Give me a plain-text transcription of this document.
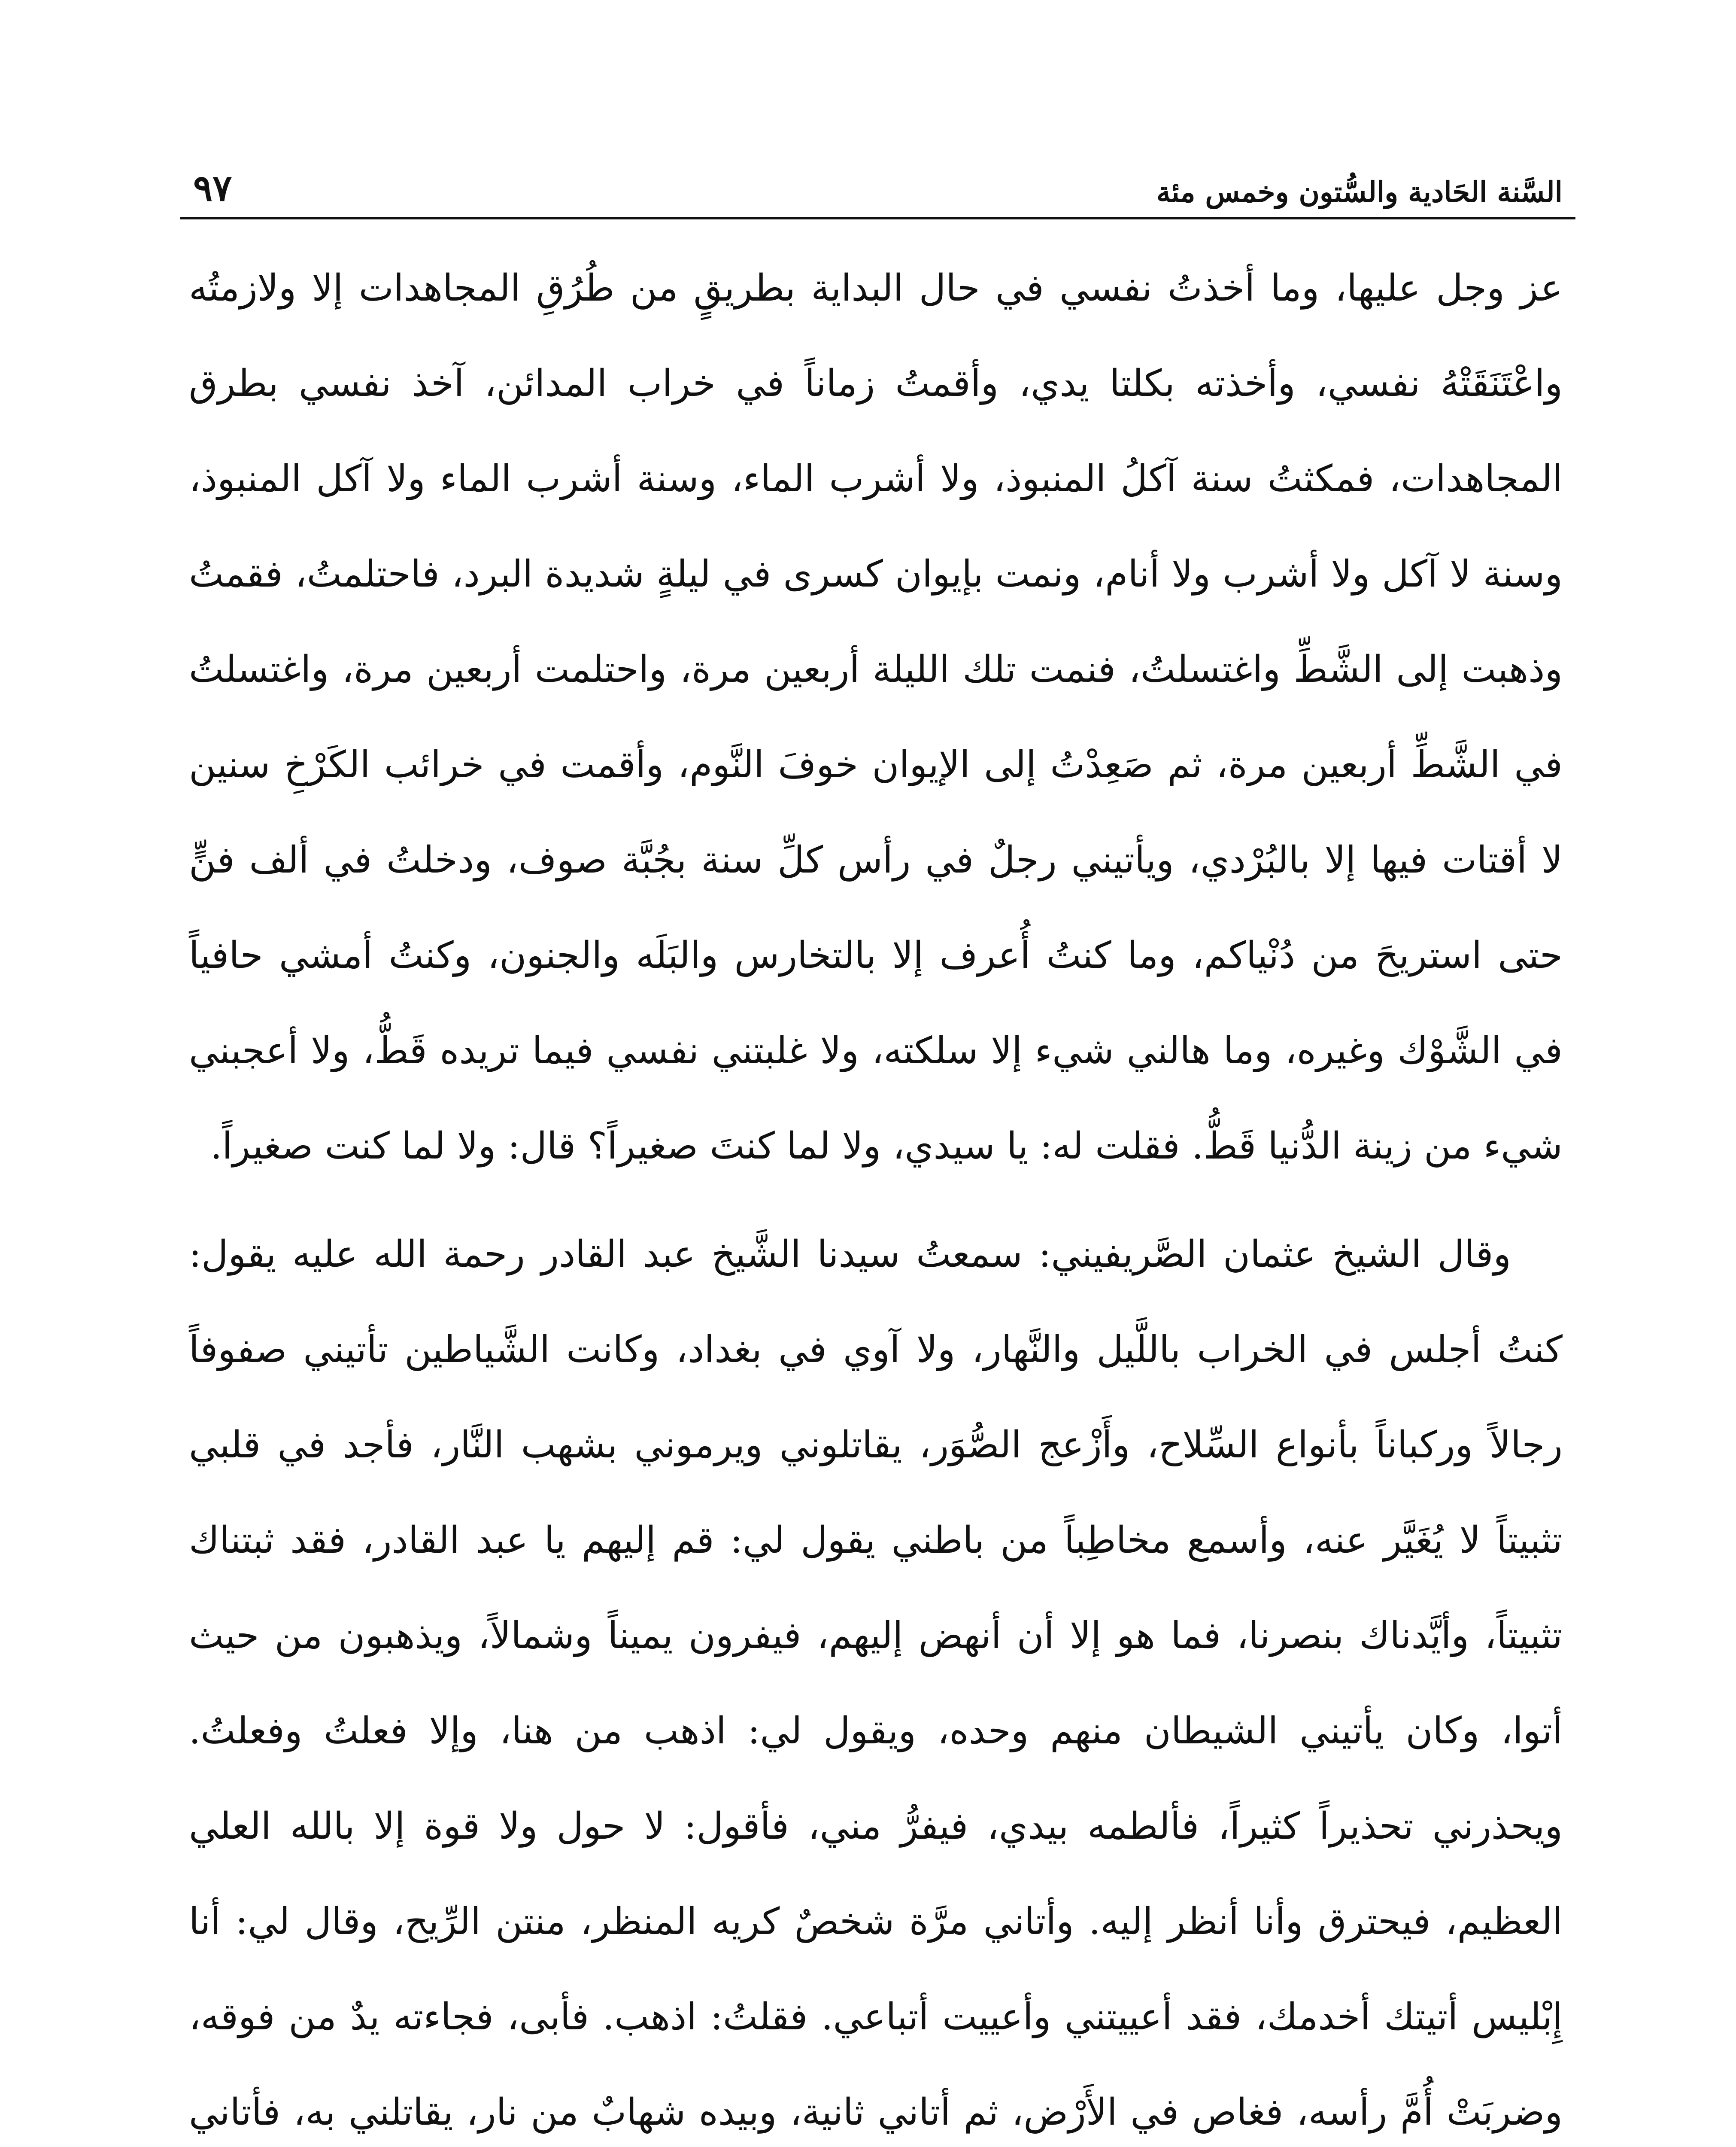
السَّنة الحَادية والسُّتون وخمس مئة
٩٧

عز وجل عليها، وما أخذتُ نفسي في حال البداية بطريقٍ من طُرُقِ المجاهدات إلا ولازمتُه واعْتَنَقَتْهُ نفسي، وأخذته بكلتا يدي، وأقمتُ زماناً في خراب المدائن، آخذ نفسي بطرق المجاهدات، فمكثتُ سنة آكلُ المنبوذ، ولا أشرب الماء، وسنة أشرب الماء ولا آكل المنبوذ، وسنة لا آكل ولا أشرب ولا أنام، ونمت بإيوان كسرى في ليلةٍ شديدة البرد، فاحتلمتُ، فقمتُ وذهبت إلى الشَّطِّ واغتسلتُ، فنمت تلك الليلة أربعين مرة، واحتلمت أربعين مرة، واغتسلتُ في الشَّطِّ أربعين مرة، ثم صَعِدْتُ إلى الإيوان خوفَ النَّوم، وأقمت في خرائب الكَرْخِ سنين لا أقتات فيها إلا بالبُرْدي، ويأتيني رجلٌ في رأس كلِّ سنة بجُبَّة صوف، ودخلتُ في ألف فنٍّ حتى استريحَ من دُنْياكم، وما كنتُ أُعرف إلا بالتخارس والبَلَه والجنون، وكنتُ أمشي حافياً في الشَّوْك وغيره، وما هالني شيء إلا سلكته، ولا غلبتني نفسي فيما تريده قَطُّ، ولا أعجبني شيء من زينة الدُّنيا قَطُّ. فقلت له: يا سيدي، ولا لما كنتَ صغيراً؟ قال: ولا لما كنت صغيراً.

وقال الشيخ عثمان الصَّريفيني: سمعتُ سيدنا الشَّيخ عبد القادر رحمة الله عليه يقول: كنتُ أجلس في الخراب باللَّيل والنَّهار، ولا آوي في بغداد، وكانت الشَّياطين تأتيني صفوفاً رجالاً وركباناً بأنواع السِّلاح، وأَزْعج الصُّوَر، يقاتلوني ويرموني بشهب النَّار، فأجد في قلبي تثبيتاً لا يُغَيَّر عنه، وأسمع مخاطِباً من باطني يقول لي: قم إليهم يا عبد القادر، فقد ثبتناك تثبيتاً، وأيَّدناك بنصرنا، فما هو إلا أن أنهض إليهم، فيفرون يميناً وشمالاً، ويذهبون من حيث أتوا، وكان يأتيني الشيطان منهم وحده، ويقول لي: اذهب من هنا، وإلا فعلتُ وفعلتُ. ويحذرني تحذيراً كثيراً، فألطمه بيدي، فيفرُّ مني، فأقول: لا حول ولا قوة إلا بالله العلي العظيم، فيحترق وأنا أنظر إليه. وأتاني مرَّة شخصٌ كريه المنظر، منتن الرِّيح، وقال لي: أنا إِبْليس أتيتك أخدمك، فقد أعييتني وأعييت أتباعي. فقلتُ: اذهب. فأبى، فجاءته يدٌ من فوقه، وضربَتْ أُمَّ رأسه، فغاص في الأَرْض، ثم أتاني ثانية، وبيده شهابٌ من نار، يقاتلني به، فأتاني
